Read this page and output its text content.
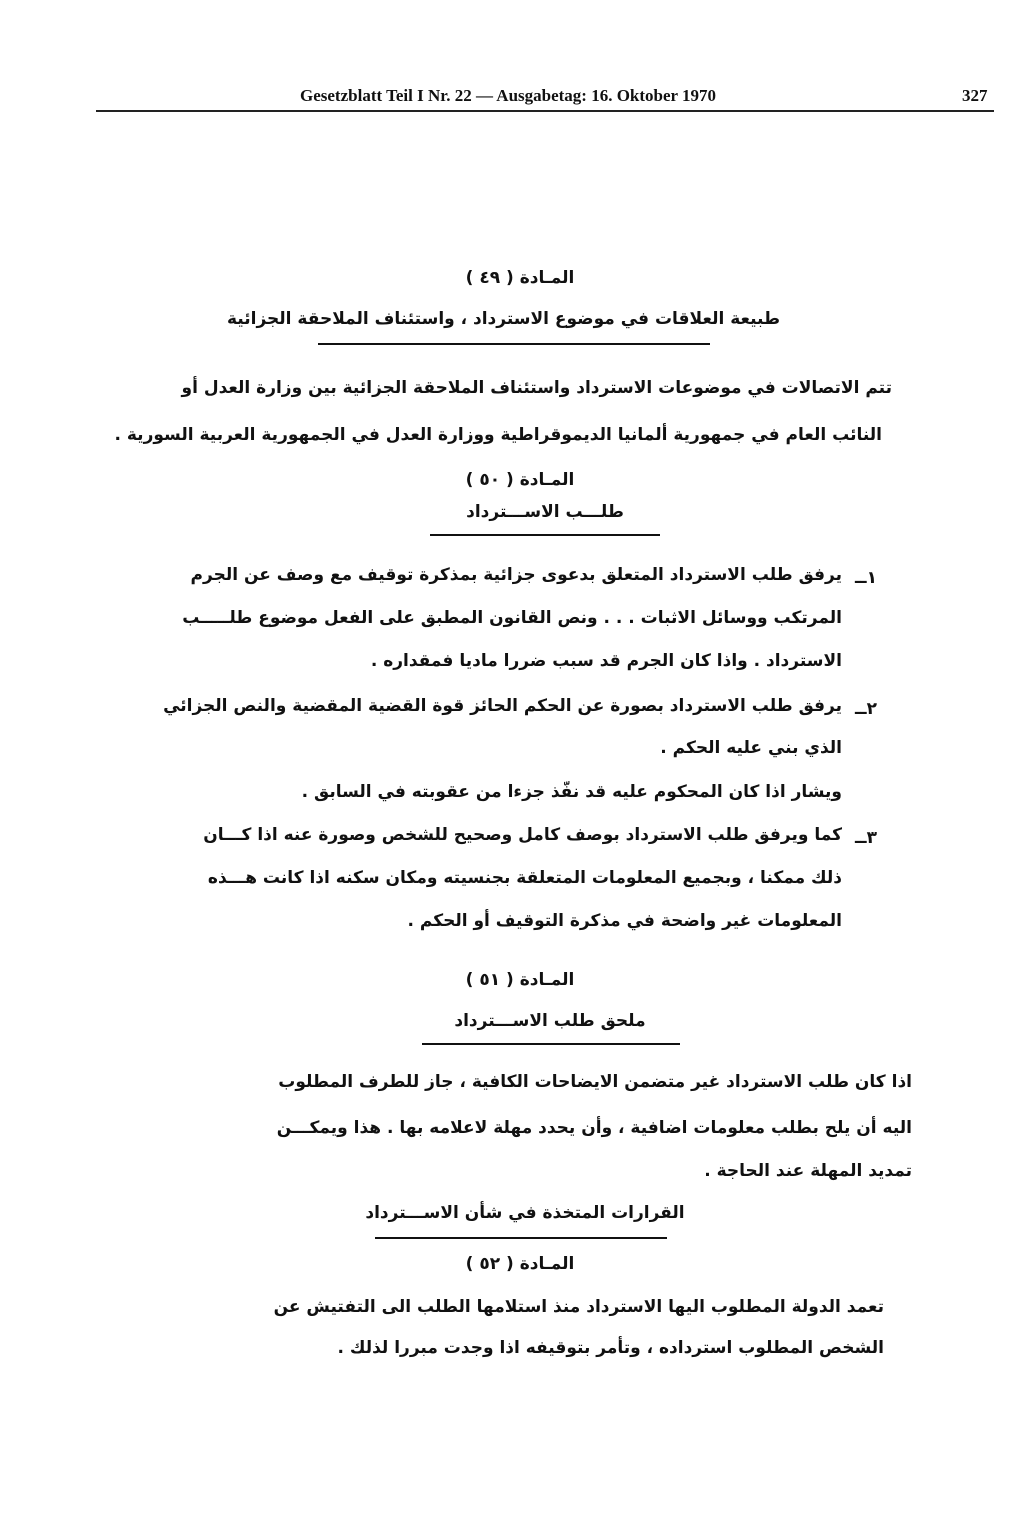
Gesetzblatt Teil I Nr. 22 — Ausgabetag: 16. Oktober 1970	327
المـادة ( ٤٩ )
طبيعة العلاقات في موضوع الاسترداد ، واستئناف الملاحقة الجزائية
تتم الاتصالات في موضوعات الاسترداد واستئناف الملاحقة الجزائية بين وزارة العدل أو
النائب العام في جمهورية ألمانيا الديموقراطية ووزارة العدل في الجمهورية العربية السورية .
المـادة ( ٥٠ )
طلـــب الاســـترداد
١ــ
يرفق طلب الاسترداد المتعلق بدعوى جزائية بمذكرة توقيف مع وصف عن الجرم
المرتكب ووسائل الاثبات . . . ونص القانون المطبق على الفعل موضوع طلـــــب
الاسترداد . واذا كان الجرم قد سبب ضررا ماديا فمقداره .
٢ــ
يرفق طلب الاسترداد بصورة عن الحكم الحائز قوة القضية المقضية والنص الجزائي
الذي بني عليه الحكم .
ويشار اذا كان المحكوم عليه قد نفّذ جزءا من عقوبته في السابق .
٣ــ
كما ويرفق طلب الاسترداد بوصف كامل وصحيح للشخص وصورة عنه اذا كـــان
ذلك ممكنا ، وبجميع المعلومات المتعلقة بجنسيته ومكان سكنه اذا كانت هـــذه
المعلومات غير واضحة في مذكرة التوقيف أو الحكم .
المـادة ( ٥١ )
ملحق طلب الاســـترداد
اذا كان طلب الاسترداد غير متضمن الايضاحات الكافية ، جاز للطرف المطلوب
اليه أن يلح بطلب معلومات اضافية ، وأن يحدد مهلة لاعلامه بها . هذا ويمكـــن
تمديد المهلة عند الحاجة .
القرارات المتخذة في شأن الاســـترداد
المـادة ( ٥٢ )
تعمد الدولة المطلوب اليها الاسترداد منذ استلامها الطلب الى التفتيش عن
الشخص المطلوب استرداده ، وتأمر بتوقيفه اذا وجدت مبررا لذلك .
